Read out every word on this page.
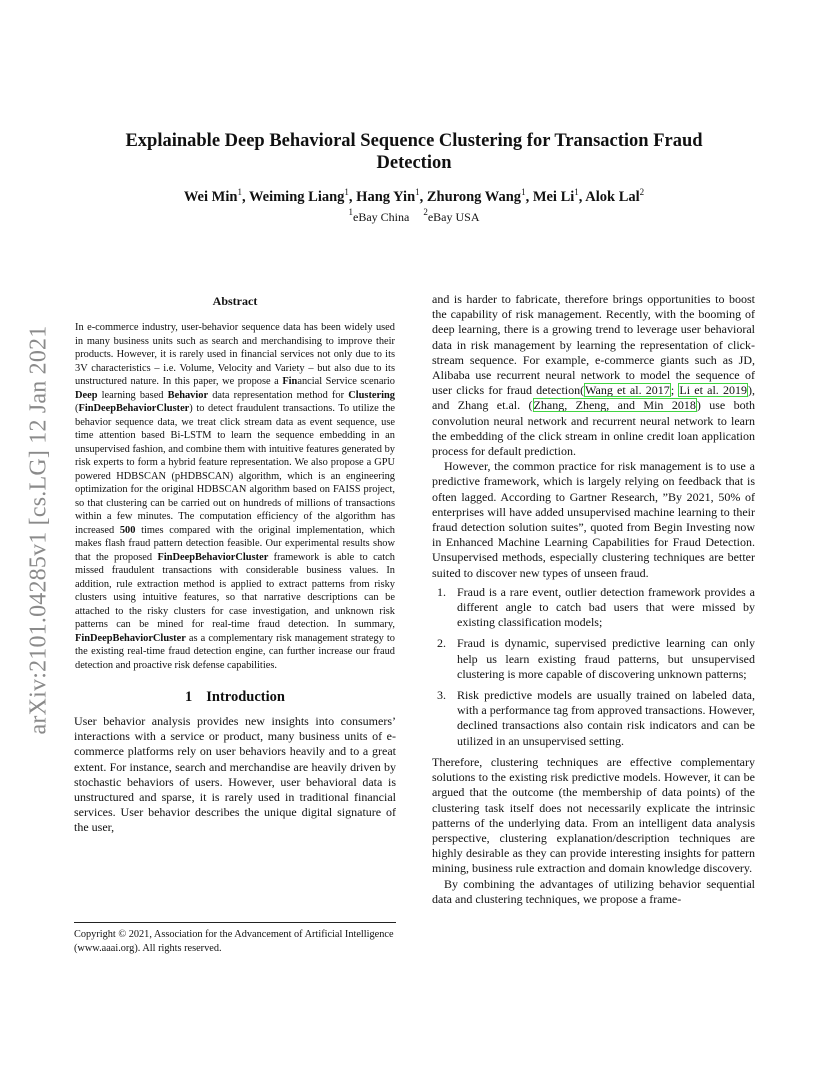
arXiv:2101.04285v1 [cs.LG] 12 Jan 2021
Explainable Deep Behavioral Sequence Clustering for Transaction Fraud Detection
Wei Min$^1$, Weiming Liang$^1$, Hang Yin$^1$, Zhurong Wang$^1$, Mei Li$^1$, Alok Lal$^2$
$^1$eBay China $^2$eBay USA
Abstract

In e-commerce industry, user-behavior sequence data has been widely used in many business units such as search and merchandising to improve their products. However, it is rarely used in financial services not only due to its 3V characteristics – i.e. Volume, Velocity and Variety – but also due to its unstructured nature. In this paper, we propose a Financial Service scenario Deep learning based Behavior data representation method for Clustering (FinDeepBehaviorCluster) to detect fraudulent transactions. To utilize the behavior sequence data, we treat click stream data as event sequence, use time attention based Bi-LSTM to learn the sequence embedding in an unsupervised fashion, and combine them with intuitive features generated by risk experts to form a hybrid feature representation. We also propose a GPU powered HDBSCAN (pHDBSCAN) algorithm, which is an engineering optimization for the original HDBSCAN algorithm based on FAISS project, so that clustering can be carried out on hundreds of millions of transactions within a few minutes. The computation efficiency of the algorithm has increased 500 times compared with the original implementation, which makes flash fraud pattern detection feasible. Our experimental results show that the proposed FinDeepBehaviorCluster framework is able to catch missed fraudulent transactions with considerable business values. In addition, rule extraction method is applied to extract patterns from risky clusters using intuitive features, so that narrative descriptions can be attached to the risky clusters for case investigation, and unknown risk patterns can be mined for real-time fraud detection. In summary, FinDeepBehaviorCluster as a complementary risk management strategy to the existing real-time fraud detection engine, can further increase our fraud detection and proactive risk defense capabilities.

1 Introduction

User behavior analysis provides new insights into consumers’ interactions with a service or product, many business units of e-commerce platforms rely on user behaviors heavily and to a great extent. For instance, search and merchandise are heavily driven by stochastic behaviors of users. However, user behavioral data is unstructured and sparse, it is rarely used in traditional financial services. User behavior describes the unique digital signature of the user,

and is harder to fabricate, therefore brings opportunities to boost the capability of risk management. Recently, with the booming of deep learning, there is a growing trend to leverage user behavioral data in risk management by learning the representation of click-stream sequence. For example, e-commerce giants such as JD, Alibaba use recurrent neural network to model the sequence of user clicks for fraud detection(Wang et al. 2017; Li et al. 2019), and Zhang et.al. (Zhang, Zheng, and Min 2018) use both convolution neural network and recurrent neural network to learn the embedding of the click stream in online credit loan application process for default prediction.

However, the common practice for risk management is to use a predictive framework, which is largely relying on feedback that is often lagged. According to Gartner Research, ”By 2021, 50% of enterprises will have added unsupervised machine learning to their fraud detection solution suites”, quoted from Begin Investing now in Enhanced Machine Learning Capabilities for Fraud Detection. Unsupervised methods, especially clustering techniques are better suited to discover new types of unseen fraud.

1. Fraud is a rare event, outlier detection framework provides a different angle to catch bad users that were missed by existing classification models;
2. Fraud is dynamic, supervised predictive learning can only help us learn existing fraud patterns, but unsupervised clustering is more capable of discovering unknown patterns;
3. Risk predictive models are usually trained on labeled data, with a performance tag from approved transactions. However, declined transactions also contain risk indicators and can be utilized in an unsupervised setting.

Therefore, clustering techniques are effective complementary solutions to the existing risk predictive models. However, it can be argued that the outcome (the membership of data points) of the clustering task itself does not necessarily explicate the intrinsic patterns of the underlying data. From an intelligent data analysis perspective, clustering explanation/description techniques are highly desirable as they can provide interesting insights for pattern mining, business rule extraction and domain knowledge discovery.

By combining the advantages of utilizing behavior sequential data and clustering techniques, we propose a frame-

Copyright © 2021, Association for the Advancement of Artificial Intelligence (www.aaai.org). All rights reserved.
